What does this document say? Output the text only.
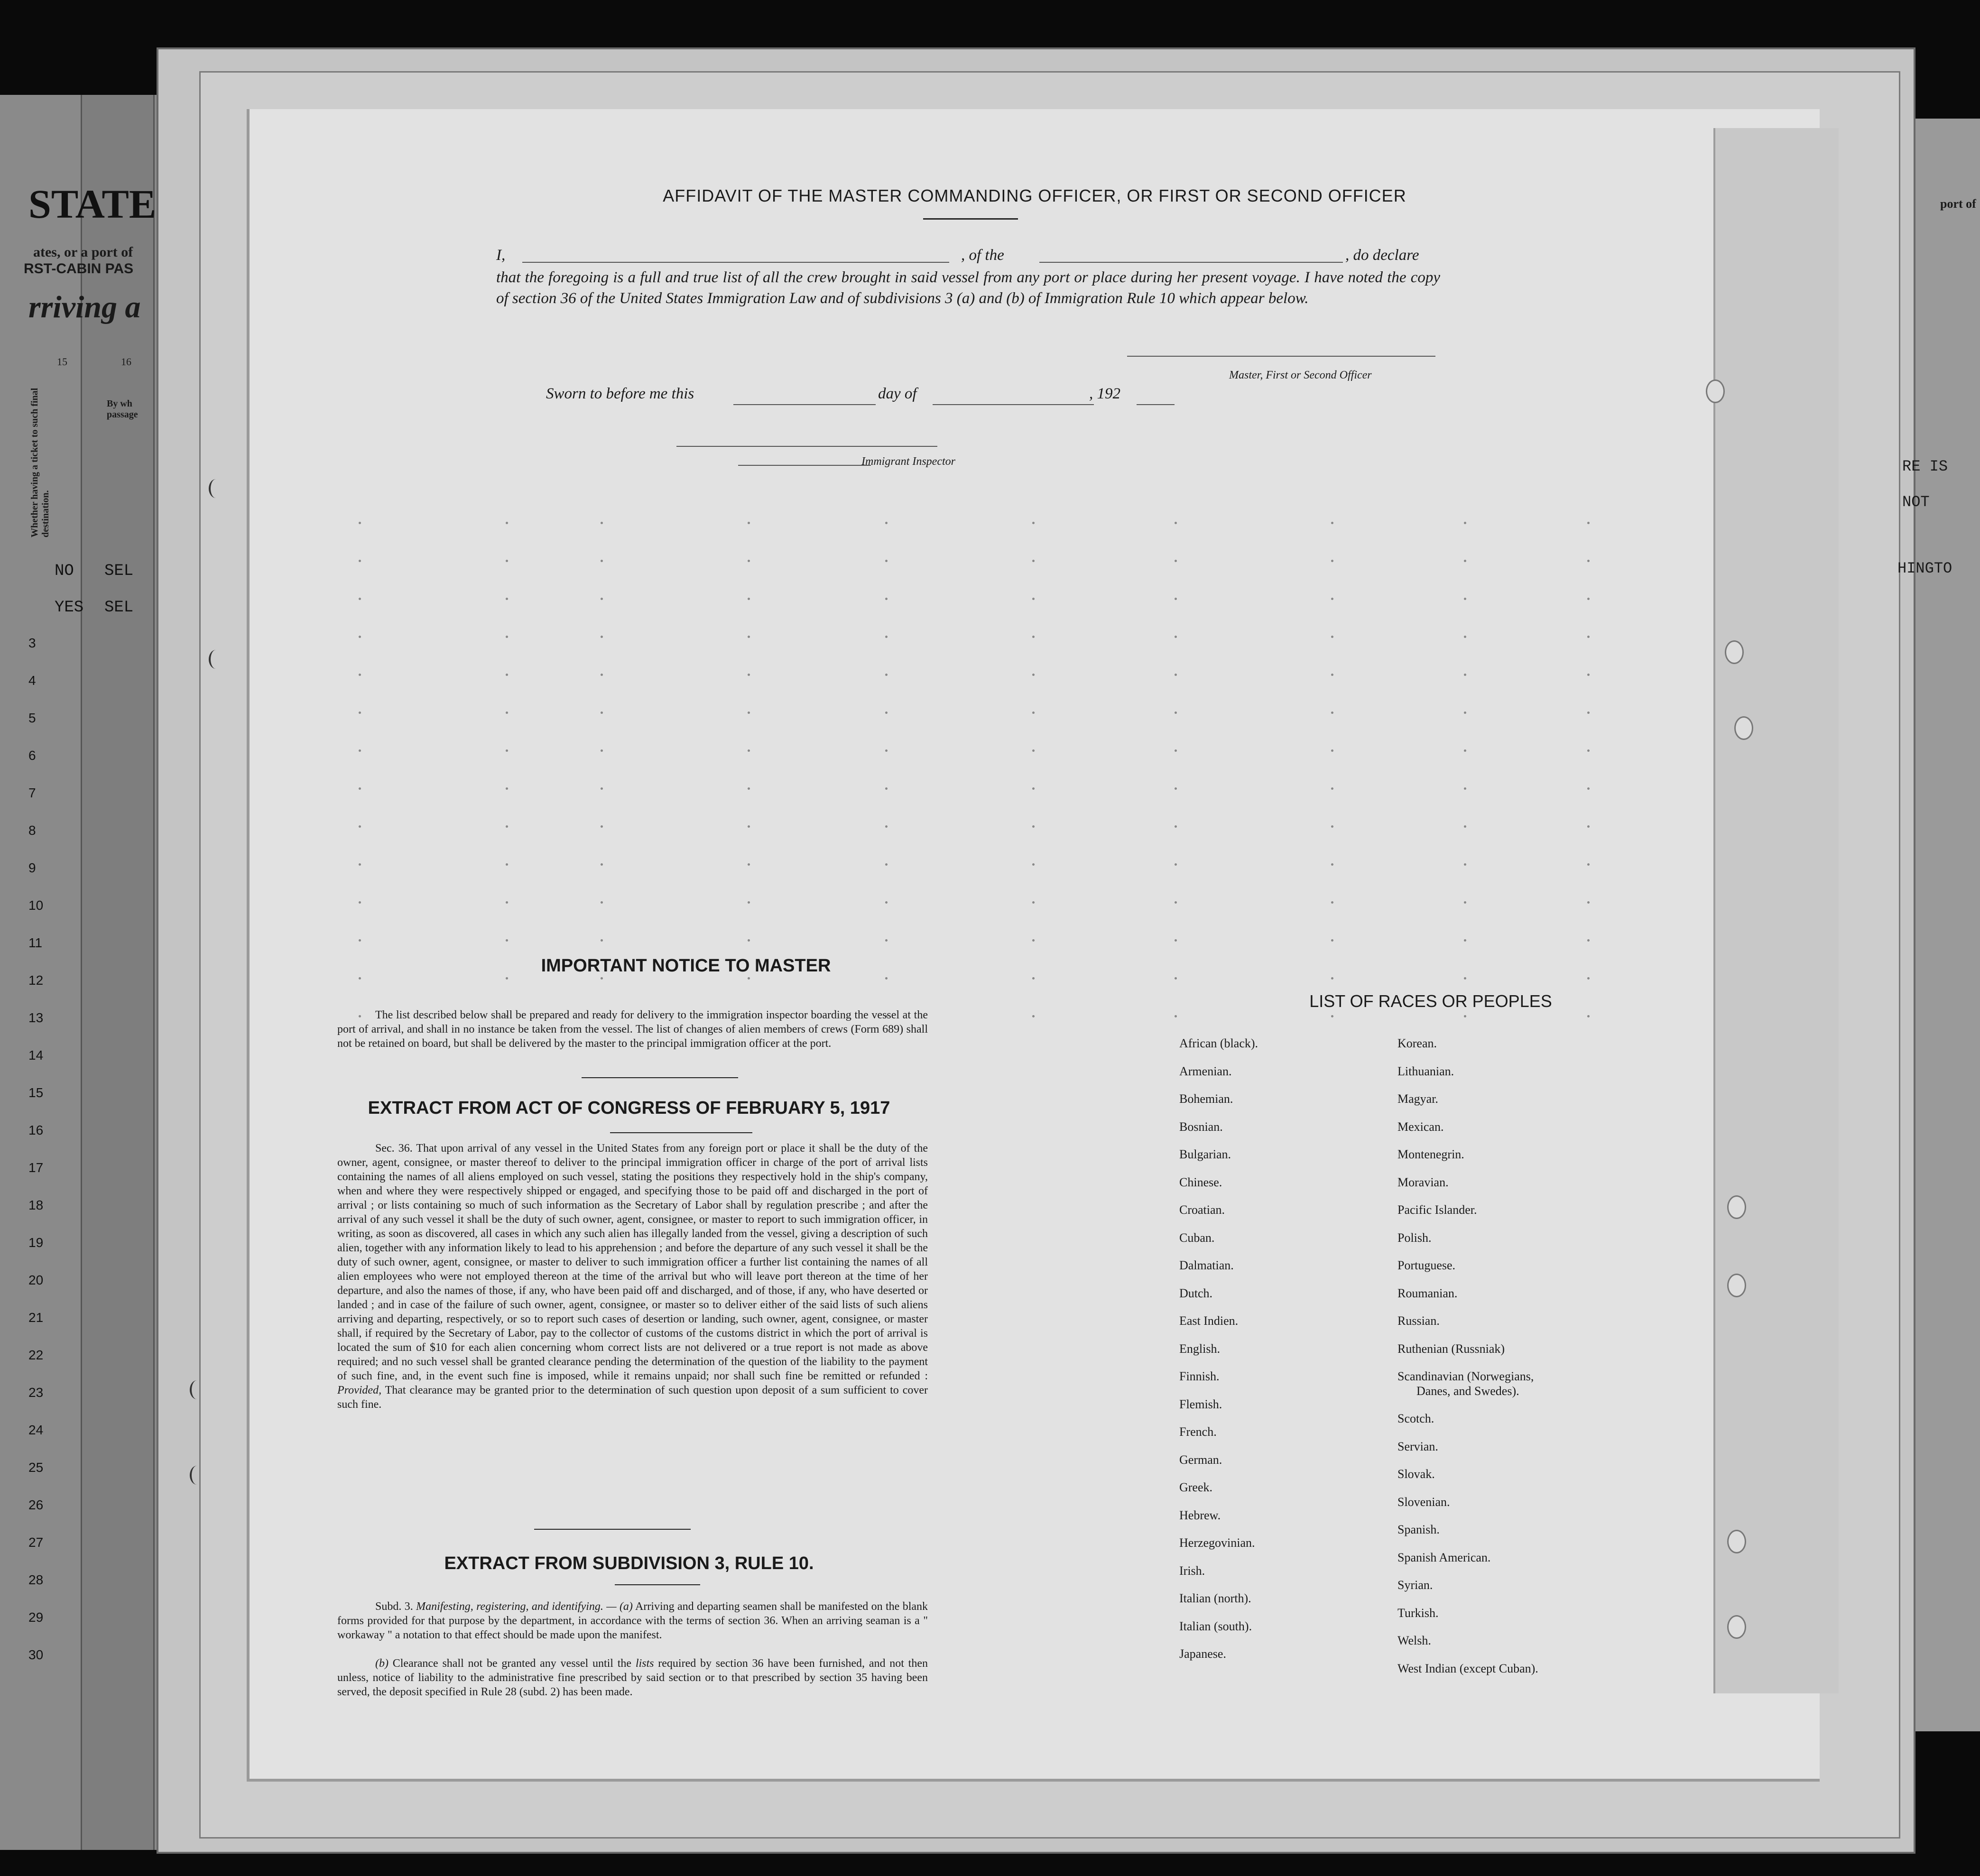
STATE
ates, or a port of
RST-CABIN PAS
rriving a
15	16
Whether having a ticket to such final destination.
By wh passage
NO SEL
YES SEL
3
4
5
6
7
8
9
10
11
12
13
14
15
16
17
18
19
20
21
22
23
24
25
26
27
28
29
30
port of
RE IS
NOT
HINGTO
AFFIDAVIT OF THE MASTER COMMANDING OFFICER, OR FIRST OR SECOND OFFICER
I,	, of the	, do declare
that the foregoing is a full and true list of all the crew brought in said vessel from any port or place during her present voyage. I have noted the copy of section 36 of the United States Immigration Law and of subdivisions 3 (a) and (b) of Immigration Rule 10 which appear below.
Master, First or Second Officer
Sworn to before me this	day of	, 192
Immigrant Inspector
IMPORTANT NOTICE TO MASTER
The list described below shall be prepared and ready for delivery to the immigration inspector boarding the vessel at the port of arrival, and shall in no instance be taken from the vessel. The list of changes of alien members of crews (Form 689) shall not be retained on board, but shall be delivered by the master to the principal immigration officer at the port.
EXTRACT FROM ACT OF CONGRESS OF FEBRUARY 5, 1917
Sec. 36. That upon arrival of any vessel in the United States from any foreign port or place it shall be the duty of the owner, agent, consignee, or master thereof to deliver to the principal immigration officer in charge of the port of arrival lists containing the names of all aliens employed on such vessel, stating the positions they respectively hold in the ship's company, when and where they were respectively shipped or engaged, and specifying those to be paid off and discharged in the port of arrival ; or lists containing so much of such information as the Secretary of Labor shall by regulation prescribe ; and after the arrival of any such vessel it shall be the duty of such owner, agent, consignee, or master to report to such immigration officer, in writing, as soon as discovered, all cases in which any such alien has illegally landed from the vessel, giving a description of such alien, together with any information likely to lead to his apprehension ; and before the departure of any such vessel it shall be the duty of such owner, agent, consignee, or master to deliver to such immigration officer a further list containing the names of all alien employees who were not employed thereon at the time of the arrival but who will leave port thereon at the time of her departure, and also the names of those, if any, who have been paid off and discharged, and of those, if any, who have deserted or landed ; and in case of the failure of such owner, agent, consignee, or master so to deliver either of the said lists of such aliens arriving and departing, respectively, or so to report such cases of desertion or landing, such owner, agent, consignee, or master shall, if required by the Secretary of Labor, pay to the collector of customs of the customs district in which the port of arrival is located the sum of $10 for each alien concerning whom correct lists are not delivered or a true report is not made as above required; and no such vessel shall be granted clearance pending the determination of the question of the liability to the payment of such fine, and, in the event such fine is imposed, while it remains unpaid; nor shall such fine be remitted or refunded : Provided, That clearance may be granted prior to the determination of such question upon deposit of a sum sufficient to cover such fine.
EXTRACT FROM SUBDIVISION 3, RULE 10.
Subd. 3. Manifesting, registering, and identifying. — (a) Arriving and departing seamen shall be manifested on the blank forms provided for that purpose by the department, in accordance with the terms of section 36. When an arriving seaman is a " workaway " a notation to that effect should be made upon the manifest.
(b) Clearance shall not be granted any vessel until the lists required by section 36 have been furnished, and not then unless, notice of liability to the administrative fine prescribed by said section or to that prescribed by section 35 having been served, the deposit specified in Rule 28 (subd. 2) has been made.
LIST OF RACES OR PEOPLES
African (black).
Armenian.
Bohemian.
Bosnian.
Bulgarian.
Chinese.
Croatian.
Cuban.
Dalmatian.
Dutch.
East Indien.
English.
Finnish.
Flemish.
French.
German.
Greek.
Hebrew.
Herzegovinian.
Irish.
Italian (north).
Italian (south).
Japanese.
Korean.
Lithuanian.
Magyar.
Mexican.
Montenegrin.
Moravian.
Pacific Islander.
Polish.
Portuguese.
Roumanian.
Russian.
Ruthenian (Russniak)
Scandinavian (Norwegians,
Danes, and Swedes).
Scotch.
Servian.
Slovak.
Slovenian.
Spanish.
Spanish American.
Syrian.
Turkish.
Welsh.
West Indian (except Cuban).
